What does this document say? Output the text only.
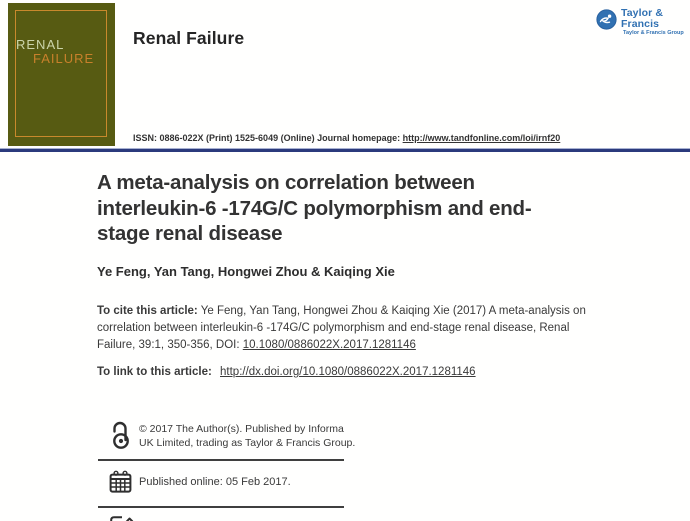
RENAL
FAILURE
Renal Failure
Taylor & Francis
Taylor & Francis Group
ISSN: 0886-022X (Print) 1525-6049 (Online) Journal homepage: http://www.tandfonline.com/loi/irnf20
A meta-analysis on correlation between
interleukin-6 -174G/C polymorphism and end-
stage renal disease
Ye Feng, Yan Tang, Hongwei Zhou & Kaiqing Xie

To cite this article: Ye Feng, Yan Tang, Hongwei Zhou & Kaiqing Xie (2017) A meta-analysis on correlation between interleukin-6 -174G/C polymorphism and end-stage renal disease, Renal Failure, 39:1, 350-356, DOI: 10.1080/0886022X.2017.1281146

To link to this article: http://dx.doi.org/10.1080/0886022X.2017.1281146

© 2017 The Author(s). Published by Informa UK Limited, trading as Taylor & Francis Group.
Published online: 05 Feb 2017.
